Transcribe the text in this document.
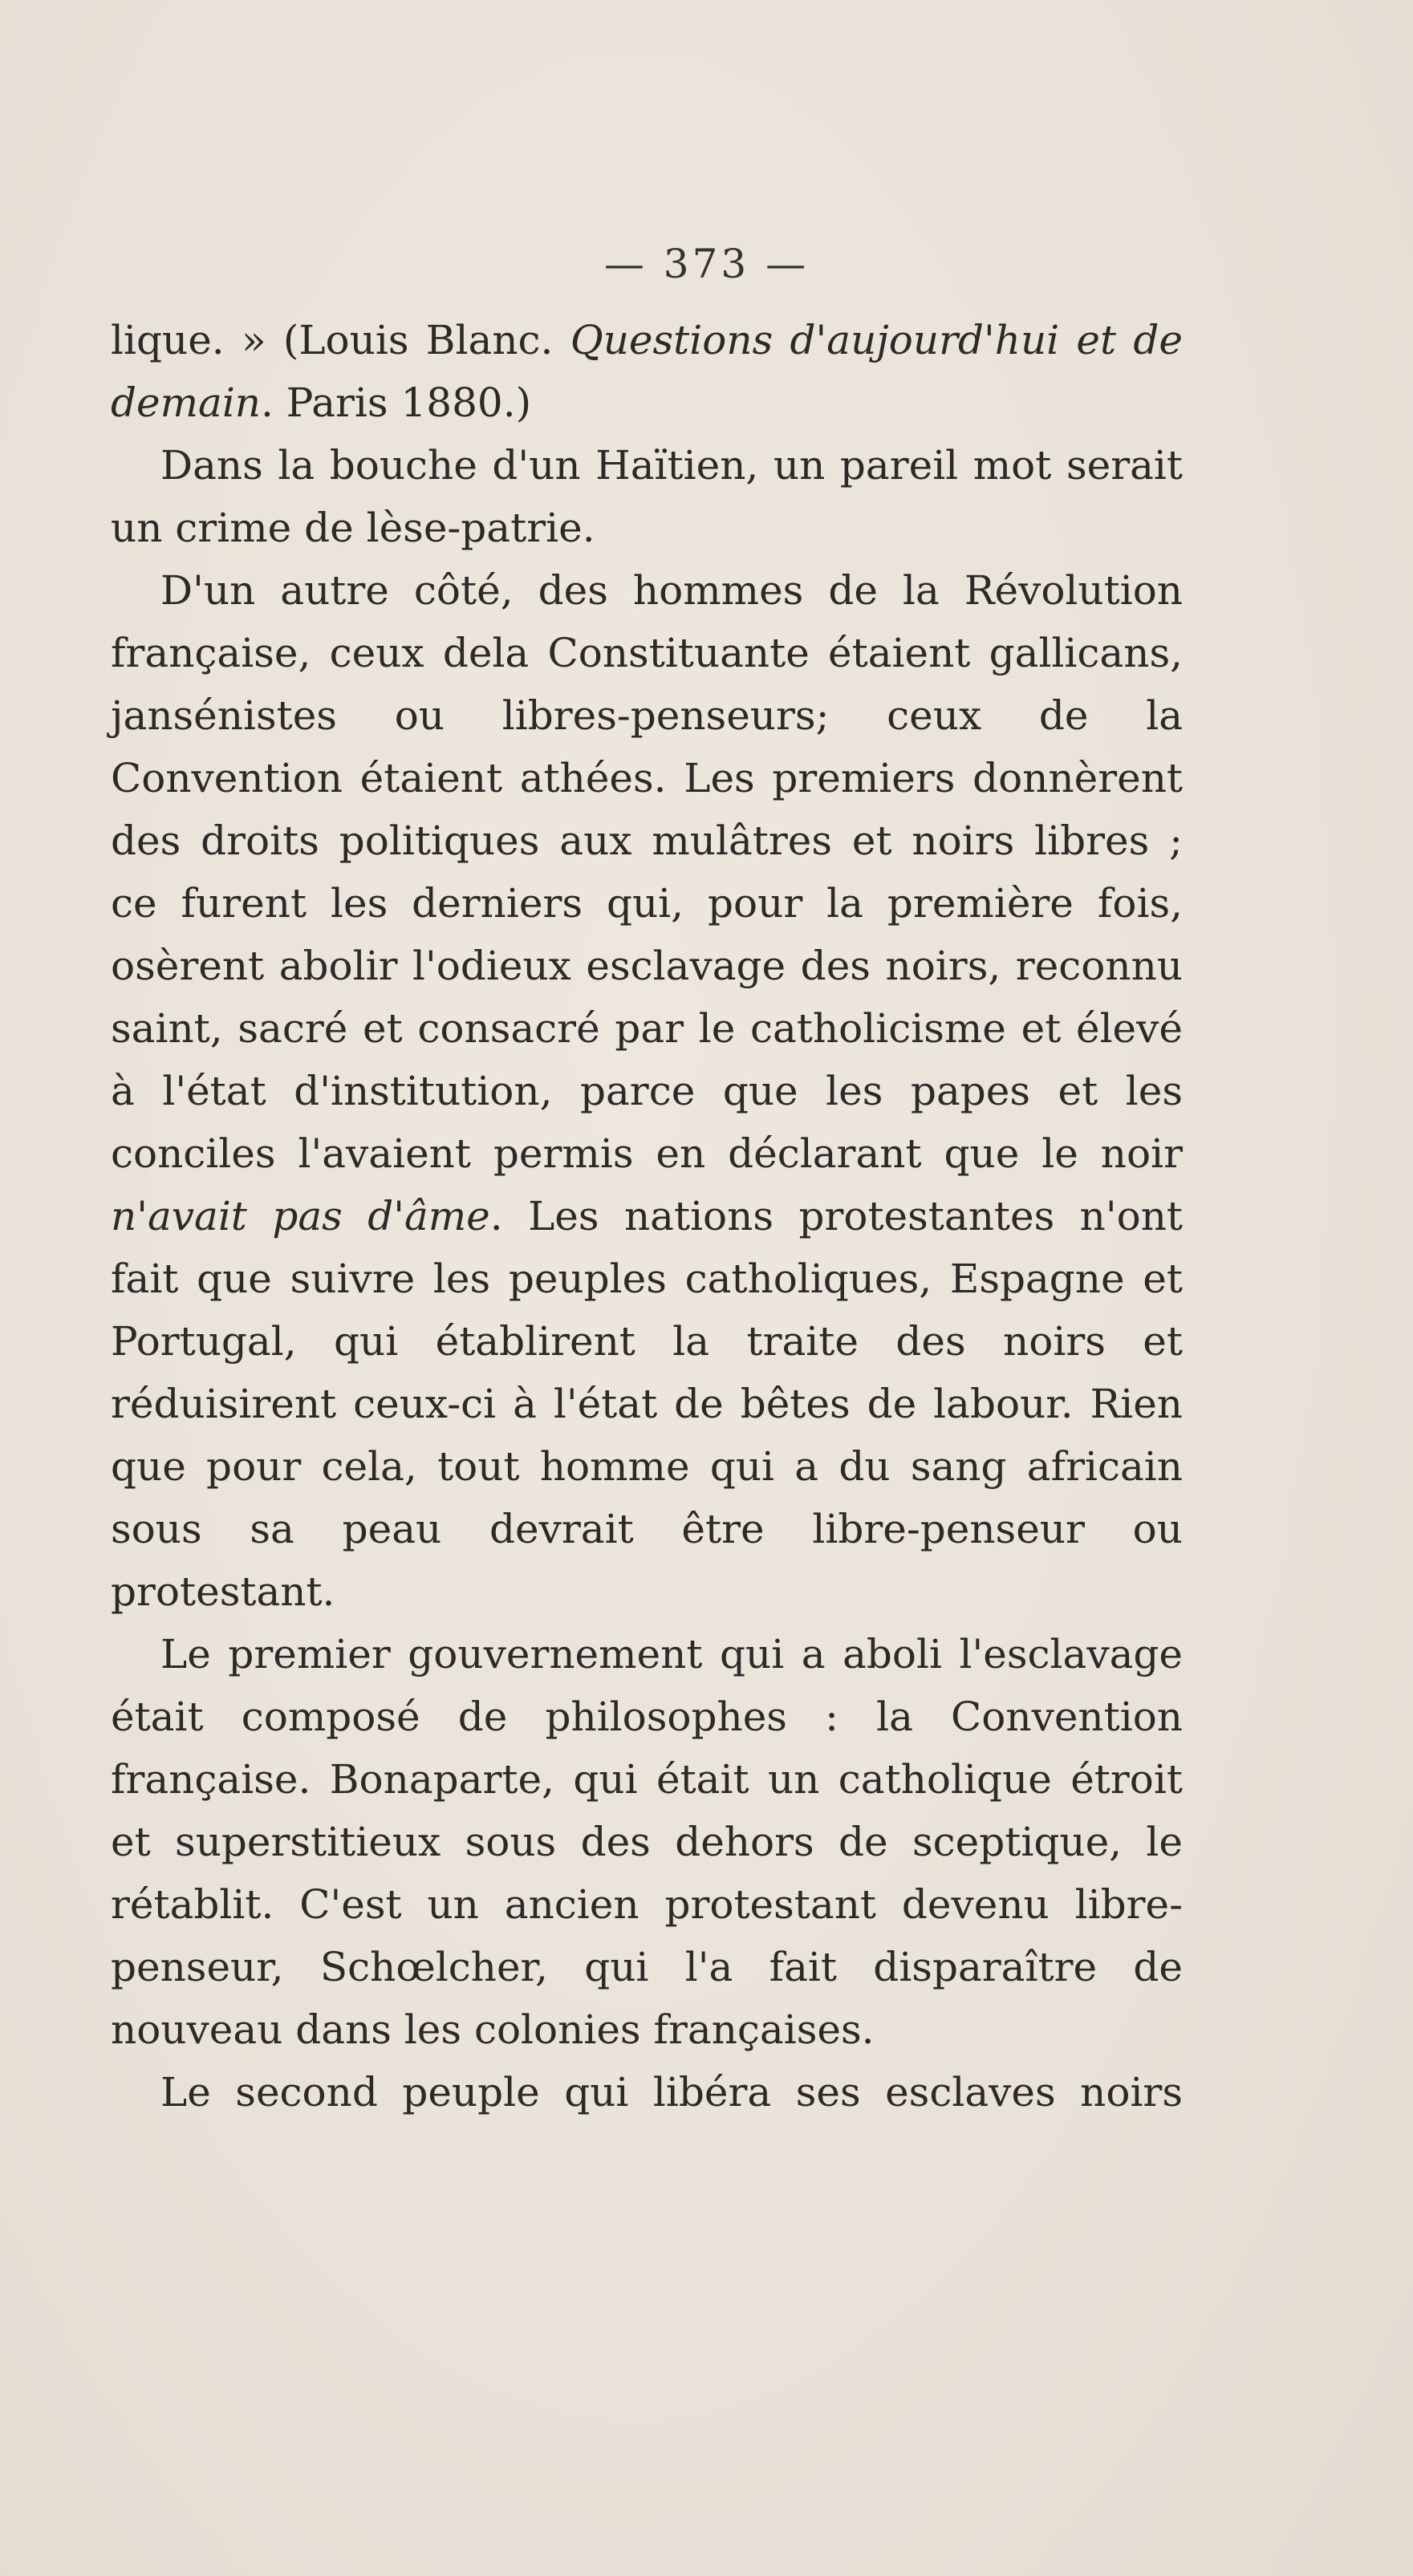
— 373 —

lique. » (Louis Blanc. Questions d'aujourd'hui et de demain. Paris 1880.)

Dans la bouche d'un Haïtien, un pareil mot serait un crime de lèse-patrie.

D'un autre côté, des hommes de la Révolution française, ceux dela Constituante étaient gallicans, jansénistes ou libres-penseurs; ceux de la Convention étaient athées. Les premiers donnèrent des droits politiques aux mulâtres et noirs libres ; ce furent les derniers qui, pour la première fois, osèrent abolir l'odieux esclavage des noirs, reconnu saint, sacré et consacré par le catholicisme et élevé à l'état d'institution, parce que les papes et les conciles l'avaient permis en déclarant que le noir n'avait pas d'âme. Les nations protestantes n'ont fait que suivre les peuples catholiques, Espagne et Portugal, qui établirent la traite des noirs et réduisirent ceux-ci à l'état de bêtes de labour. Rien que pour cela, tout homme qui a du sang africain sous sa peau devrait être libre-penseur ou protestant.

Le premier gouvernement qui a aboli l'esclavage était composé de philosophes : la Convention française. Bonaparte, qui était un catholique étroit et superstitieux sous des dehors de sceptique, le rétablit. C'est un ancien protestant devenu libre-penseur, Schœlcher, qui l'a fait disparaître de nouveau dans les colonies françaises.

Le second peuple qui libéra ses esclaves noirs
